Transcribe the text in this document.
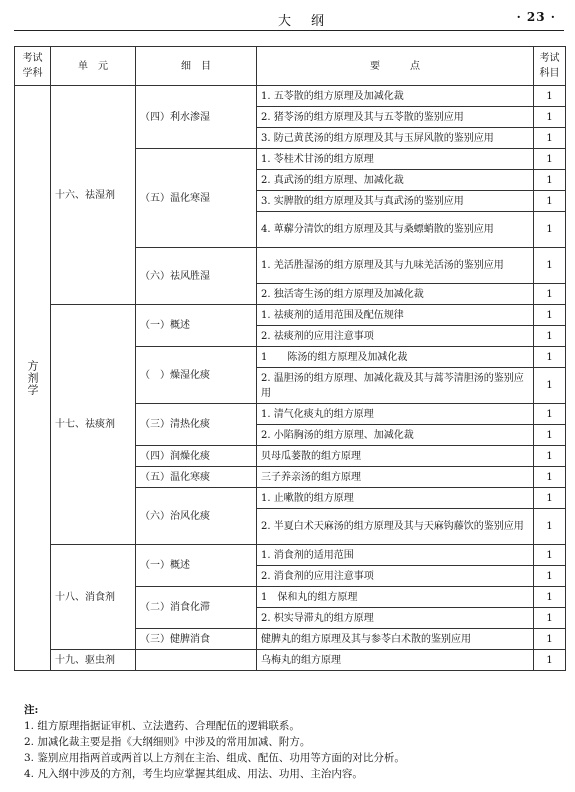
大纲	· 23 ·
考试学科	单　元	细　目	要　　　点	考试科目
方剂学	十六、祛湿剂	（四）利水渗湿	1. 五苓散的组方原理及加减化裁	1
			2. 猪苓汤的组方原理及其与五苓散的鉴别应用	1
			3. 防己黄芪汤的组方原理及其与玉屏风散的鉴别应用	1
		（五）温化寒湿	1. 苓桂术甘汤的组方原理	1
			2. 真武汤的组方原理、加减化裁	1
			3. 实脾散的组方原理及其与真武汤的鉴别应用	1
			4. 萆薢分清饮的组方原理及其与桑螵蛸散的鉴别应用	1
		（六）祛风胜湿	1. 羌活胜湿汤的组方原理及其与九味羌活汤的鉴别应用	1
			2. 独活寄生汤的组方原理及加减化裁	1
	十七、祛痰剂	（一）概述	1. 祛痰剂的适用范围及配伍规律	1
			2. 祛痰剂的应用注意事项	1
		（　）燥湿化痰	1　　陈汤的组方原理及加减化裁	1
			2. 温胆汤的组方原理、加减化裁及其与蒿芩清胆汤的鉴别应用	1
		（三）清热化痰	1. 清气化痰丸的组方原理	1
			2. 小陷胸汤的组方原理、加减化裁	1
		（四）润燥化痰	贝母瓜蒌散的组方原理	1
		（五）温化寒痰	三子养亲汤的组方原理	1
		（六）治风化痰	1. 止嗽散的组方原理	1
			2. 半夏白术天麻汤的组方原理及其与天麻钩藤饮的鉴别应用	1
	十八、消食剂	（一）概述	1. 消食剂的适用范围	1
			2. 消食剂的应用注意事项	1
		（二）消食化滞	1　保和丸的组方原理	1
			2. 枳实导滞丸的组方原理	1
		（三）健脾消食	健脾丸的组方原理及其与参苓白术散的鉴别应用	1
	十九、驱虫剂		乌梅丸的组方原理	1
注:
1. 组方原理指据证审机、立法遣药、合理配伍的逻辑联系。
2. 加减化裁主要是指《大纲细则》中涉及的常用加减、附方。
3. 鉴别应用指两首或两首以上方剂在主治、组成、配伍、功用等方面的对比分析。
4. 凡入纲中涉及的方剂，考生均应掌握其组成、用法、功用、主治内容。
